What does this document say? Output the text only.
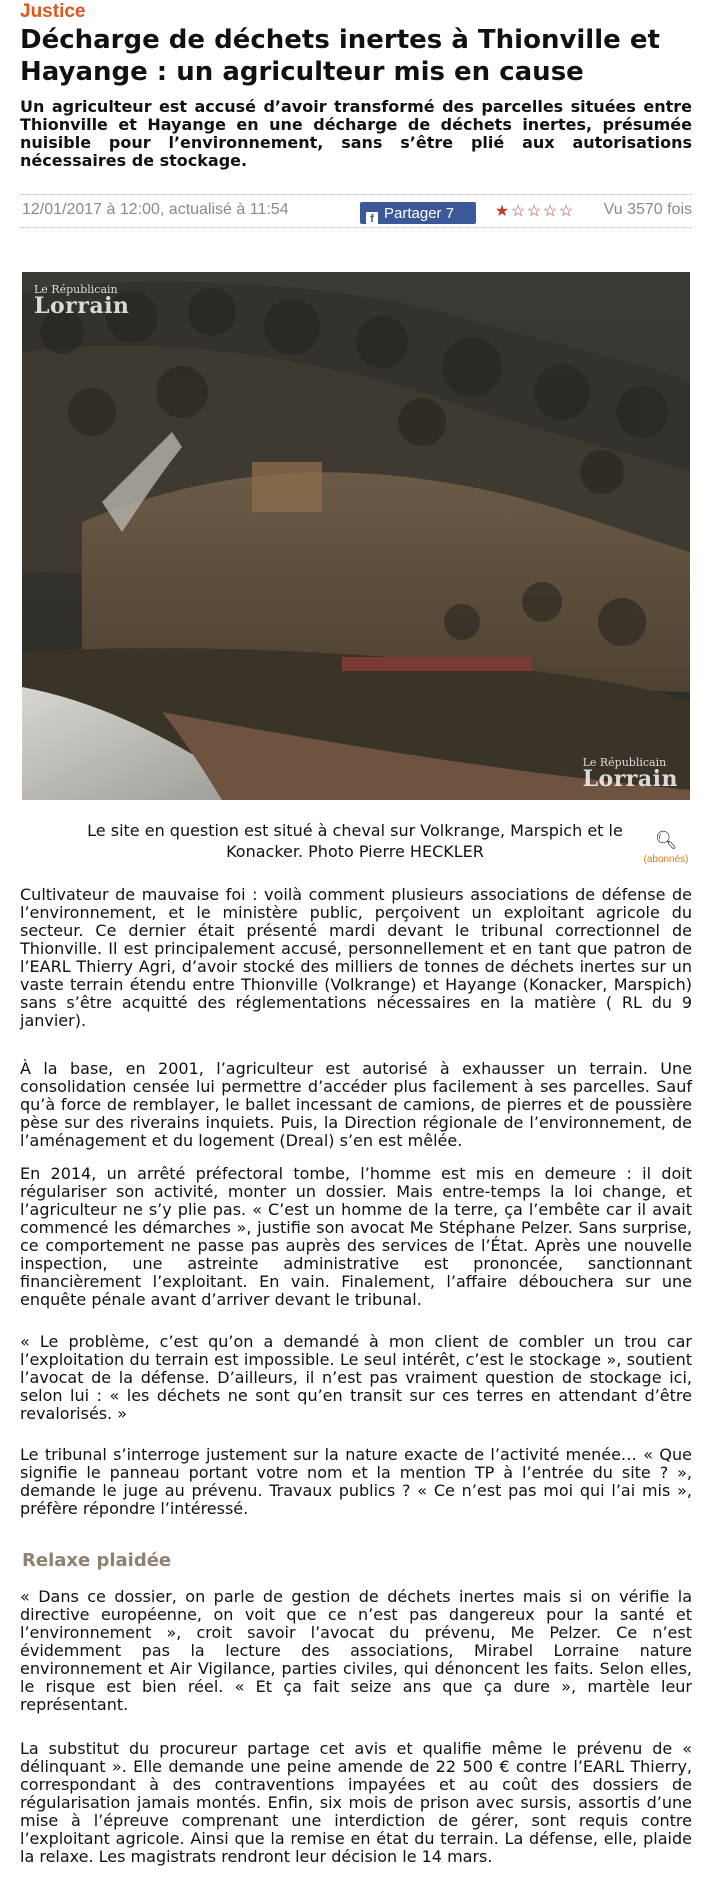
Justice
Décharge de déchets inertes à Thionville et Hayange : un agriculteur mis en cause

Un agriculteur est accusé d’avoir transformé des parcelles situées entre Thionville et Hayange en une décharge de déchets inertes, présumée nuisible pour l’environnement, sans s’être plié aux autorisations nécessaires de stockage.

12/01/2017 à 12:00, actualisé à 11:54
f Partager 7	★ ☆ ☆ ☆ ☆ Vu 3570 fois
Le Républicain
Lorrain
Le Républicain
Lorrain
Le site en question est situé à cheval sur Volkrange, Marspich et le Konacker. Photo Pierre HECKLER
🔍︎
(abonnés)

Cultivateur de mauvaise foi : voilà comment plusieurs associations de défense de l’environnement, et le ministère public, perçoivent un exploitant agricole du secteur. Ce dernier était présenté mardi devant le tribunal correctionnel de Thionville. Il est principalement accusé, personnellement et en tant que patron de l’EARL Thierry Agri, d’avoir stocké des milliers de tonnes de déchets inertes sur un vaste terrain étendu entre Thionville (Volkrange) et Hayange (Konacker, Marspich) sans s’être acquitté des réglementations nécessaires en la matière ( RL du 9 janvier).

À la base, en 2001, l’agriculteur est autorisé à exhausser un terrain. Une consolidation censée lui permettre d’accéder plus facilement à ses parcelles. Sauf qu’à force de remblayer, le ballet incessant de camions, de pierres et de poussière pèse sur des riverains inquiets. Puis, la Direction régionale de l’environnement, de l’aménagement et du logement (Dreal) s’en est mêlée.

En 2014, un arrêté préfectoral tombe, l’homme est mis en demeure : il doit régulariser son activité, monter un dossier. Mais entre-temps la loi change, et l’agriculteur ne s’y plie pas. « C’est un homme de la terre, ça l’embête car il avait commencé les démarches », justifie son avocat Me Stéphane Pelzer. Sans surprise, ce comportement ne passe pas auprès des services de l’État. Après une nouvelle inspection, une astreinte administrative est prononcée, sanctionnant financièrement l’exploitant. En vain. Finalement, l’affaire débouchera sur une enquête pénale avant d’arriver devant le tribunal.

« Le problème, c’est qu’on a demandé à mon client de combler un trou car l’exploitation du terrain est impossible. Le seul intérêt, c’est le stockage », soutient l’avocat de la défense. D’ailleurs, il n’est pas vraiment question de stockage ici, selon lui : « les déchets ne sont qu’en transit sur ces terres en attendant d’être revalorisés. »

Le tribunal s’interroge justement sur la nature exacte de l’activité menée… « Que signifie le panneau portant votre nom et la mention TP à l’entrée du site ? », demande le juge au prévenu. Travaux publics ? « Ce n’est pas moi qui l’ai mis », préfère répondre l’intéressé.

Relaxe plaidée

« Dans ce dossier, on parle de gestion de déchets inertes mais si on vérifie la directive européenne, on voit que ce n’est pas dangereux pour la santé et l’environnement », croit savoir l’avocat du prévenu, Me Pelzer. Ce n’est évidemment pas la lecture des associations, Mirabel Lorraine nature environnement et Air Vigilance, parties civiles, qui dénoncent les faits. Selon elles, le risque est bien réel. « Et ça fait seize ans que ça dure », martèle leur représentant.

La substitut du procureur partage cet avis et qualifie même le prévenu de « délinquant ». Elle demande une peine amende de 22 500 € contre l’EARL Thierry, correspondant à des contraventions impayées et au coût des dossiers de régularisation jamais montés. Enfin, six mois de prison avec sursis, assortis d’une mise à l’épreuve comprenant une interdiction de gérer, sont requis contre l’exploitant agricole. Ainsi que la remise en état du terrain. La défense, elle, plaide la relaxe. Les magistrats rendront leur décision le 14 mars.
